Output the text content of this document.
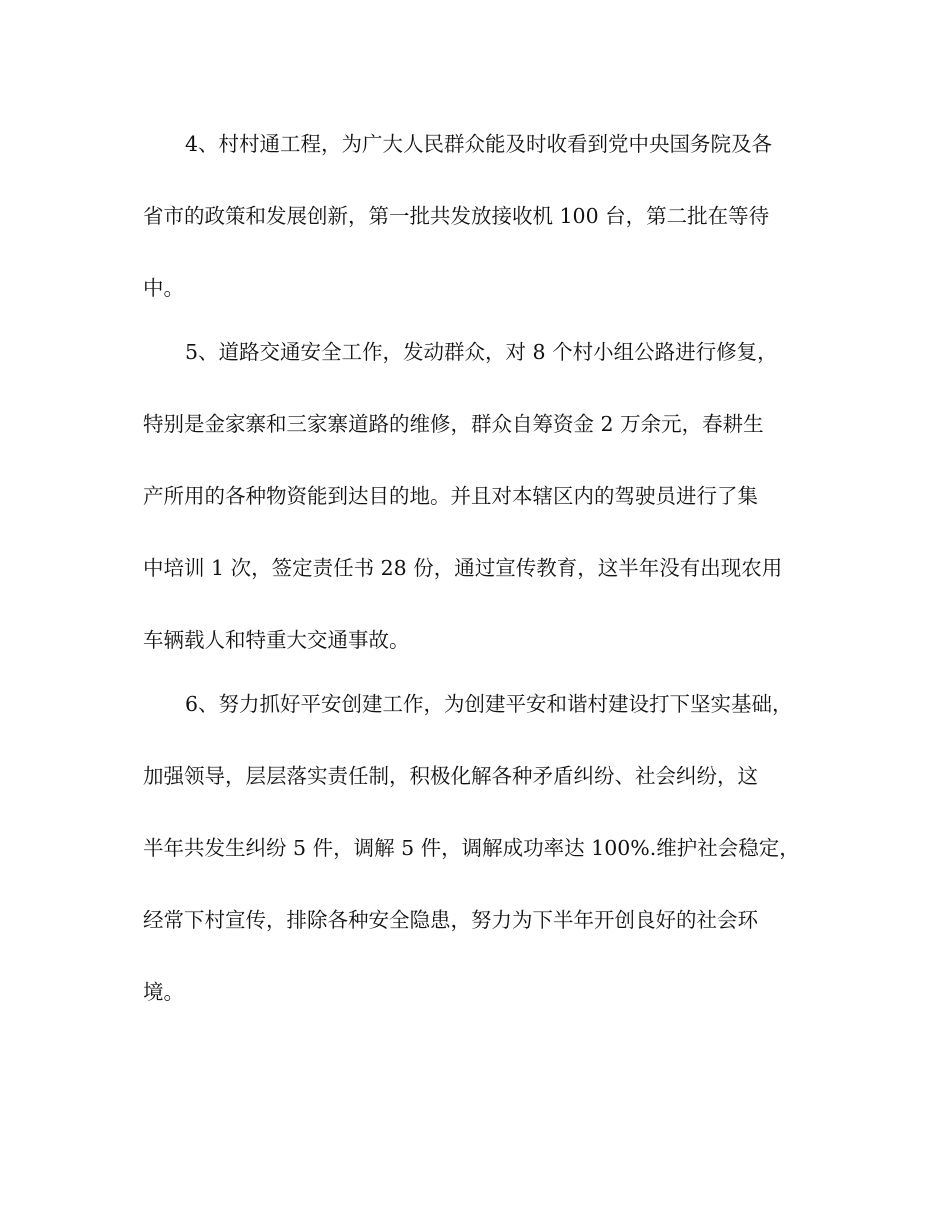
4、村村通工程，为广大人民群众能及时收看到党中央国务院及各
省市的政策和发展创新，第一批共发放接收机 100 台，第二批在等待
中。
5、道路交通安全工作，发动群众，对 8 个村小组公路进行修复，
特别是金家寨和三家寨道路的维修，群众自筹资金 2 万余元，春耕生
产所用的各种物资能到达目的地。并且对本辖区内的驾驶员进行了集
中培训 1 次，签定责任书 28 份，通过宣传教育，这半年没有出现农用
车辆载人和特重大交通事故。
6、努力抓好平安创建工作，为创建平安和谐村建设打下坚实基础，
加强领导，层层落实责任制，积极化解各种矛盾纠纷、社会纠纷，这
半年共发生纠纷 5 件，调解 5 件，调解成功率达 100%.维护社会稳定，
经常下村宣传，排除各种安全隐患，努力为下半年开创良好的社会环
境。
